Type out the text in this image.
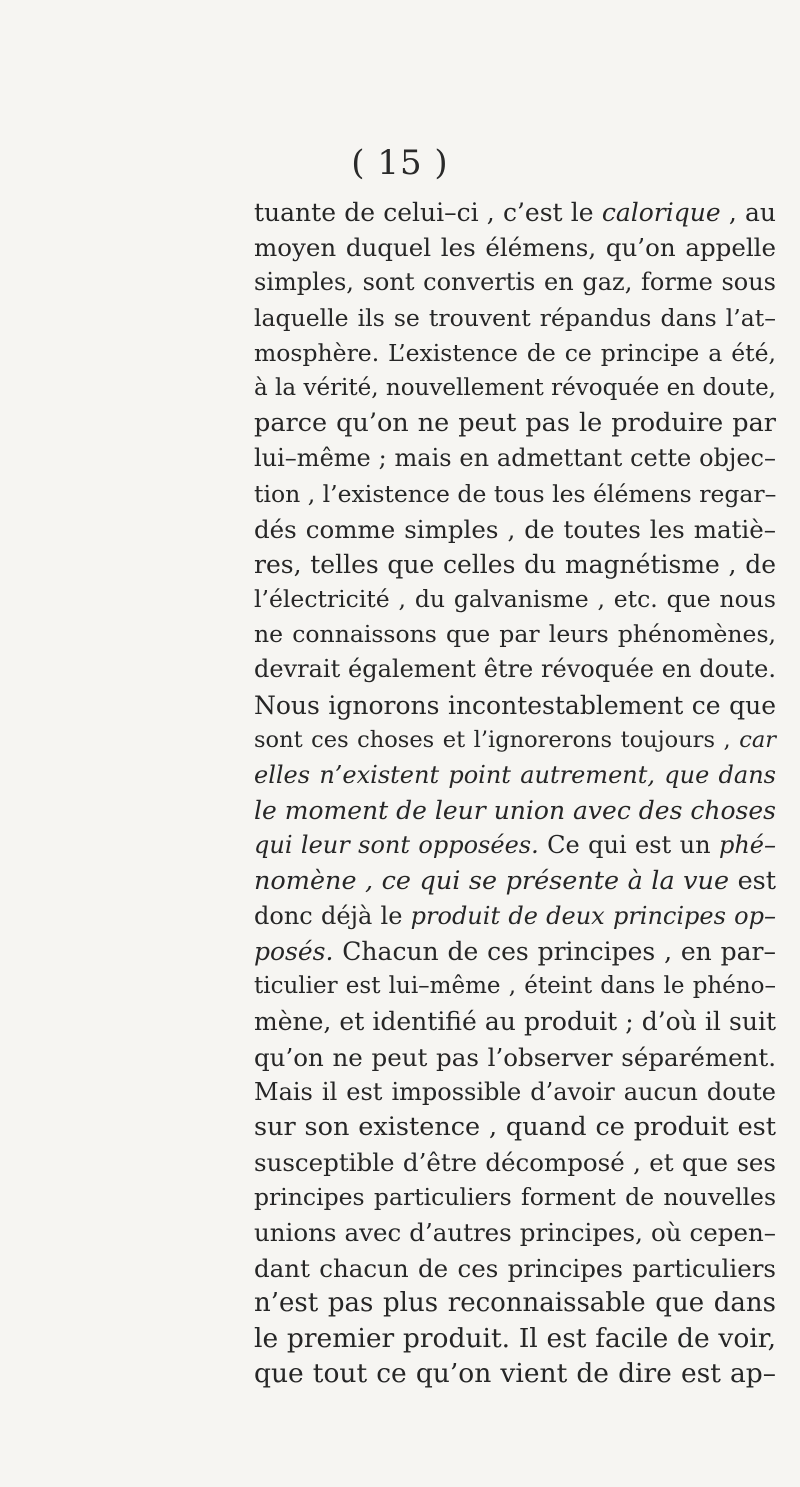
( 15 )
tuante de celui–ci , c’est le calorique , au
moyen duquel les élémens, qu’on appelle
simples, sont convertis en gaz, forme sous
laquelle ils se trouvent répandus dans l’at–
mosphère. L’existence de ce principe a été,
à la vérité, nouvellement révoquée en doute,
parce qu’on ne peut pas le produire par
lui–même ; mais en admettant cette objec–
tion , l’existence de tous les élémens regar–
dés comme simples , de toutes les matiè–
res, telles que celles du magnétisme , de
l’électricité , du galvanisme , etc. que nous
ne connaissons que par leurs phénomènes,
devrait également être révoquée en doute.
Nous ignorons incontestablement ce que
sont ces choses et l’ignorerons toujours , car
elles n’existent point autrement, que dans
le moment de leur union avec des choses
qui leur sont opposées. Ce qui est un phé–
nomène , ce qui se présente à la vue est
donc déjà le produit de deux principes op–
posés. Chacun de ces principes , en par–
ticulier est lui–même , éteint dans le phéno–
mène, et identifié au produit ; d’où il suit
qu’on ne peut pas l’observer séparément.
Mais il est impossible d’avoir aucun doute
sur son existence , quand ce produit est
susceptible d’être décomposé , et que ses
principes particuliers forment de nouvelles
unions avec d’autres principes, où cepen–
dant chacun de ces principes particuliers
n’est pas plus reconnaissable que dans
le premier produit. Il est facile de voir,
que tout ce qu’on vient de dire est ap–
